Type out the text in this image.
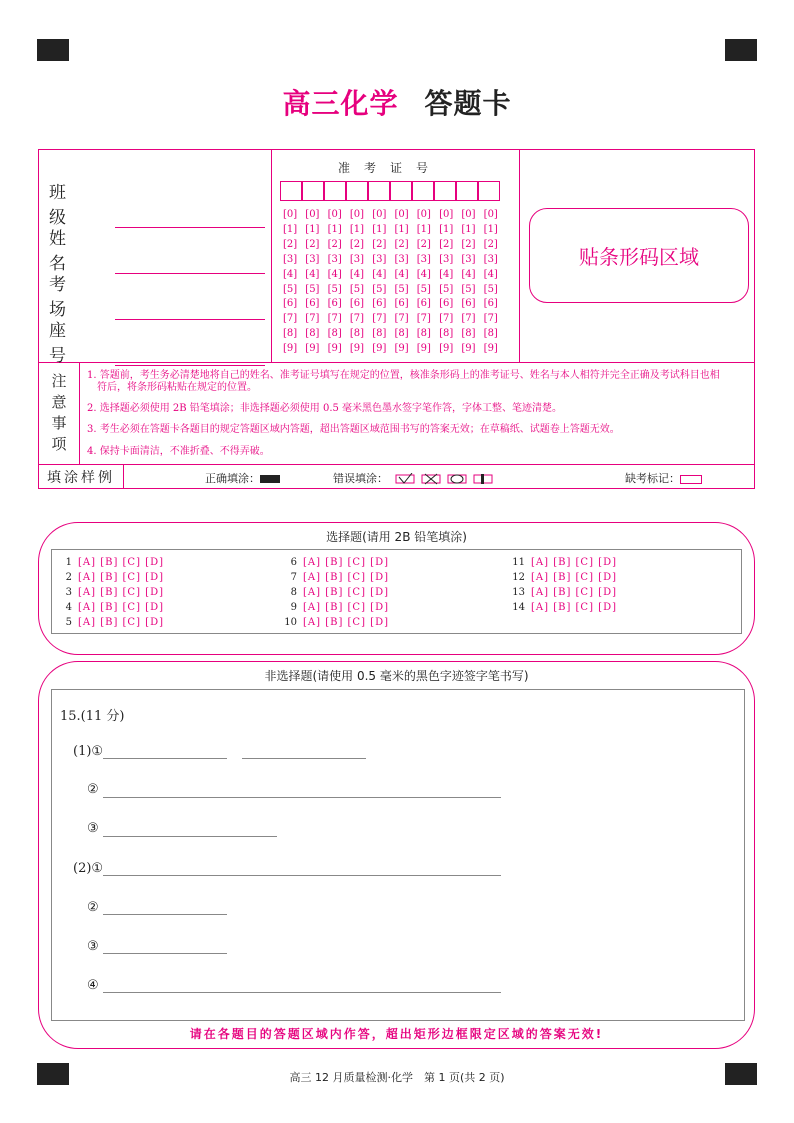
高三化学 答题卡
班 级
姓 名
考 场
座 号
准考证号
[0] [0] [0] [0] [0] [0] [0] [0] [0] [0]
[1] [1] [1] [1] [1] [1] [1] [1] [1] [1]
[2] [2] [2] [2] [2] [2] [2] [2] [2] [2]
[3] [3] [3] [3] [3] [3] [3] [3] [3] [3]
[4] [4] [4] [4] [4] [4] [4] [4] [4] [4]
[5] [5] [5] [5] [5] [5] [5] [5] [5] [5]
[6] [6] [6] [6] [6] [6] [6] [6] [6] [6]
[7] [7] [7] [7] [7] [7] [7] [7] [7] [7]
[8] [8] [8] [8] [8] [8] [8] [8] [8] [8]
[9] [9] [9] [9] [9] [9] [9] [9] [9] [9]
贴条形码区域
注
意
事
项

1. 答题前，考生务必清楚地将自己的姓名、准考证号填写在规定的位置，核准条形码上的准考证号、姓名与本人相符并完全正确及考试科目也相

符后，将条形码粘贴在规定的位置。

2. 选择题必须使用 2B 铅笔填涂；非选择题必须使用 0.5 毫米黑色墨水签字笔作答，字体工整、笔迹清楚。

3. 考生必须在答题卡各题目的规定答题区域内答题，超出答题区域范围书写的答案无效；在草稿纸、试题卷上答题无效。

4. 保持卡面清洁，不准折叠、不得弄破。

填涂样例	正确填涂：	错误填涂：	缺考标记：
选择题(请用 2B 铅笔填涂)
1 [A] [B] [C] [D]
2 [A] [B] [C] [D]
3 [A] [B] [C] [D]
4 [A] [B] [C] [D]
5 [A] [B] [C] [D]
6 [A] [B] [C] [D]
7 [A] [B] [C] [D]
8 [A] [B] [C] [D]
9 [A] [B] [C] [D]
10 [A] [B] [C] [D]
11 [A] [B] [C] [D]
12 [A] [B] [C] [D]
13 [A] [B] [C] [D]
14 [A] [B] [C] [D]
非选择题(请使用 0.5 毫米的黑色字迹签字笔书写)
15.(11 分)
(1)①
②
③
(2)①
②
③
④
请在各题目的答题区域内作答，超出矩形边框限定区域的答案无效!
高三 12 月质量检测·化学　第 1 页(共 2 页)
